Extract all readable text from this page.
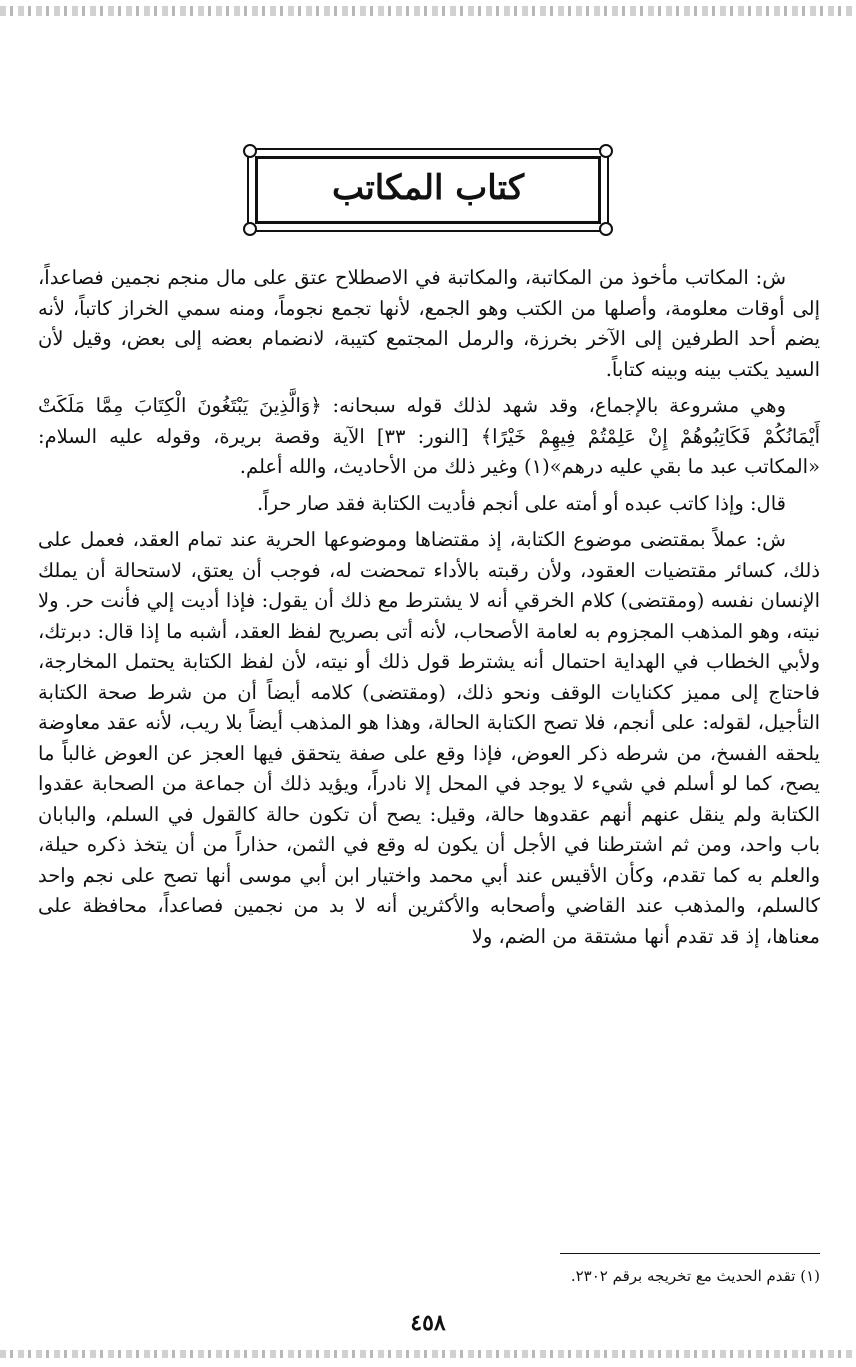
كتاب المكاتب

ش: المكاتب مأخوذ من المكاتبة، والمكاتبة في الاصطلاح عتق على مال منجم نجمين فصاعداً، إلى أوقات معلومة، وأصلها من الكتب وهو الجمع، لأنها تجمع نجوماً، ومنه سمي الخراز كاتباً، لأنه يضم أحد الطرفين إلى الآخر بخرزة، والرمل المجتمع كتيبة، لانضمام بعضه إلى بعض، وقيل لأن السيد يكتب بينه وبينه كتاباً.

وهي مشروعة بالإجماع، وقد شهد لذلك قوله سبحانه: ﴿وَالَّذِينَ يَبْتَغُونَ الْكِتَابَ مِمَّا مَلَكَتْ أَيْمَانُكُمْ فَكَاتِبُوهُمْ إِنْ عَلِمْتُمْ فِيهِمْ خَيْرًا﴾ [النور: ٣٣] الآية وقصة بريرة، وقوله عليه السلام: «المكاتب عبد ما بقي عليه درهم»(١) وغير ذلك من الأحاديث، والله أعلم.

قال: وإذا كاتب عبده أو أمته على أنجم فأديت الكتابة فقد صار حراً.

ش: عملاً بمقتضى موضوع الكتابة، إذ مقتضاها وموضوعها الحرية عند تمام العقد، فعمل على ذلك، كسائر مقتضيات العقود، ولأن رقبته بالأداء تمحضت له، فوجب أن يعتق، لاستحالة أن يملك الإنسان نفسه (ومقتضى) كلام الخرقي أنه لا يشترط مع ذلك أن يقول: فإذا أديت إلي فأنت حر. ولا نيته، وهو المذهب المجزوم به لعامة الأصحاب، لأنه أتى بصريح لفظ العقد، أشبه ما إذا قال: دبرتك، ولأبي الخطاب في الهداية احتمال أنه يشترط قول ذلك أو نيته، لأن لفظ الكتابة يحتمل المخارجة، فاحتاج إلى مميز ككنايات الوقف ونحو ذلك، (ومقتضى) كلامه أيضاً أن من شرط صحة الكتابة التأجيل، لقوله: على أنجم، فلا تصح الكتابة الحالة، وهذا هو المذهب أيضاً بلا ريب، لأنه عقد معاوضة يلحقه الفسخ، من شرطه ذكر العوض، فإذا وقع على صفة يتحقق فيها العجز عن العوض غالباً ما يصح، كما لو أسلم في شيء لا يوجد في المحل إلا نادراً، ويؤيد ذلك أن جماعة من الصحابة عقدوا الكتابة ولم ينقل عنهم أنهم عقدوها حالة، وقيل: يصح أن تكون حالة كالقول في السلم، والبابان باب واحد، ومن ثم اشترطنا في الأجل أن يكون له وقع في الثمن، حذاراً من أن يتخذ ذكره حيلة، والعلم به كما تقدم، وكأن الأقيس عند أبي محمد واختيار ابن أبي موسى أنها تصح على نجم واحد كالسلم، والمذهب عند القاضي وأصحابه والأكثرين أنه لا بد من نجمين فصاعداً، محافظة على معناها، إذ قد تقدم أنها مشتقة من الضم، ولا

(١) تقدم الحديث مع تخريجه برقم ٢٣٠٢.
٤٥٨
